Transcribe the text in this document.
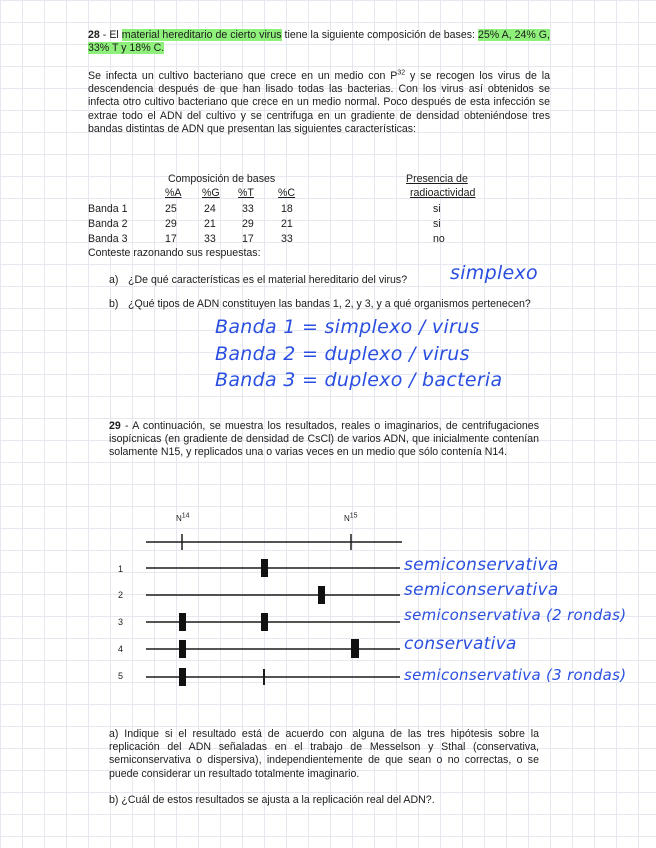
28 - El material hereditario de cierto virus tiene la siguiente composición de bases: 25% A, 24% G, 33% T y 18% C.
Se infecta un cultivo bacteriano que crece en un medio con $P^{32}$ y se recogen los virus de la descendencia después de que han lisado todas las bacterias. Con los virus así obtenidos se infecta otro cultivo bacteriano que crece en un medio normal. Poco después de esta infección se extrae todo el ADN del cultivo y se centrifuga en un gradiente de densidad obteniéndose tres bandas distintas de ADN que presentan las siguientes características:
Composición de bases	Presencia de
radioactividad
%A %G %T %C
Banda 1	25	24 33	18	si
Banda 2	29	21 29	21	si
Banda 3	17	33 17	33	no
Conteste razonando sus respuestas:
a) ¿De qué características es el material hereditario del virus?	simplexo
b) ¿Qué tipos de ADN constituyen las bandas 1, 2, y 3, y a qué organismos pertenecen?
Banda 1 = simplexo / virus
Banda 2 = duplexo / virus
Banda 3 = duplexo / bacteria
29 - A continuación, se muestra los resultados, reales o imaginarios, de centrifugaciones isopícnicas (en gradiente de densidad de CsCl) de varios ADN, que inicialmente contenían solamente N15, y replicados una o varias veces en un medio que sólo contenía N14.
$N^{14}$	$N^{15}$
1
2
3
4
5
semiconservativa
semiconservativa
semiconservativa (2 rondas)
conservativa
semiconservativa (3 rondas)
a) Indique si el resultado está de acuerdo con alguna de las tres hipótesis sobre la replicación del ADN señaladas en el trabajo de Messelson y Sthal (conservativa, semiconservativa o dispersiva), independientemente de que sean o no correctas, o se puede considerar un resultado totalmente imaginario.
b) ¿Cuál de estos resultados se ajusta a la replicación real del ADN?.
